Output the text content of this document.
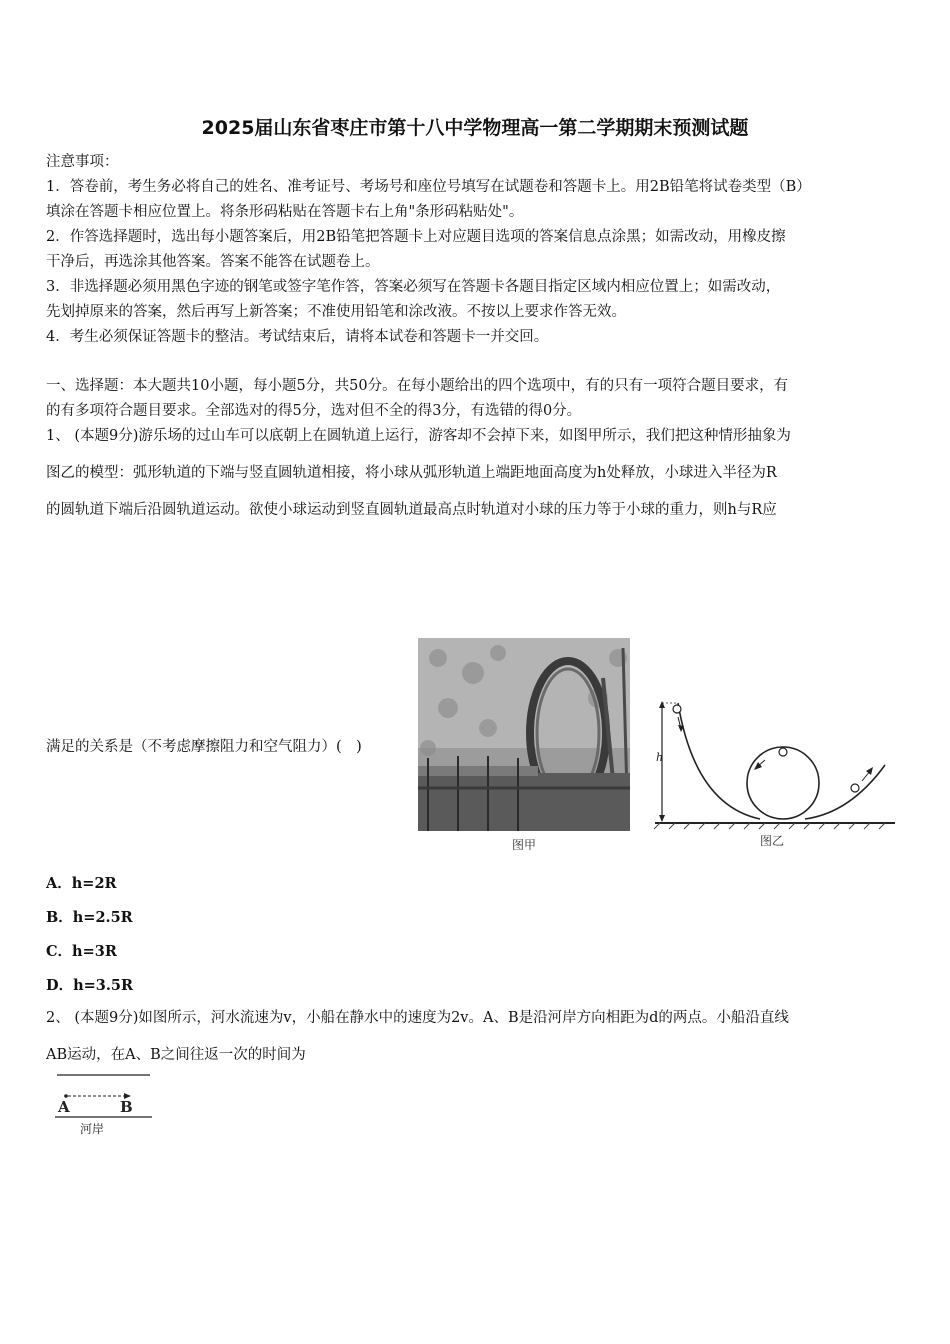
2025届山东省枣庄市第十八中学物理高一第二学期期末预测试题
注意事项：
1．答卷前，考生务必将自己的姓名、准考证号、考场号和座位号填写在试题卷和答题卡上。用2B铅笔将试卷类型（B）
填涂在答题卡相应位置上。将条形码粘贴在答题卡右上角"条形码粘贴处"。
2．作答选择题时，选出每小题答案后，用2B铅笔把答题卡上对应题目选项的答案信息点涂黑；如需改动，用橡皮擦
干净后，再选涂其他答案。答案不能答在试题卷上。
3．非选择题必须用黑色字迹的钢笔或签字笔作答，答案必须写在答题卡各题目指定区域内相应位置上；如需改动，
先划掉原来的答案，然后再写上新答案；不准使用铅笔和涂改液。不按以上要求作答无效。
4．考生必须保证答题卡的整洁。考试结束后，请将本试卷和答题卡一并交回。
一、选择题：本大题共10小题，每小题5分，共50分。在每小题给出的四个选项中，有的只有一项符合题目要求，有
的有多项符合题目要求。全部选对的得5分，选对但不全的得3分，有选错的得0分。
1、 (本题9分)游乐场的过山车可以底朝上在圆轨道上运行，游客却不会掉下来，如图甲所示，我们把这种情形抽象为
图乙的模型：弧形轨道的下端与竖直圆轨道相接，将小球从弧形轨道上端距地面高度为h处释放，小球进入半径为R
的圆轨道下端后沿圆轨道运动。欲使小球运动到竖直圆轨道最高点时轨道对小球的压力等于小球的重力，则h与R应
满足的关系是（不考虑摩擦阻力和空气阻力）(　)
图甲
h
图乙
A．h=2R
B．h=2.5R
C．h=3R
D．h=3.5R
2、 (本题9分)如图所示，河水流速为v，小船在静水中的速度为2v。A、B是沿河岸方向相距为d的两点。小船沿直线
AB运动，在A、B之间往返一次的时间为
A	B
河岸
